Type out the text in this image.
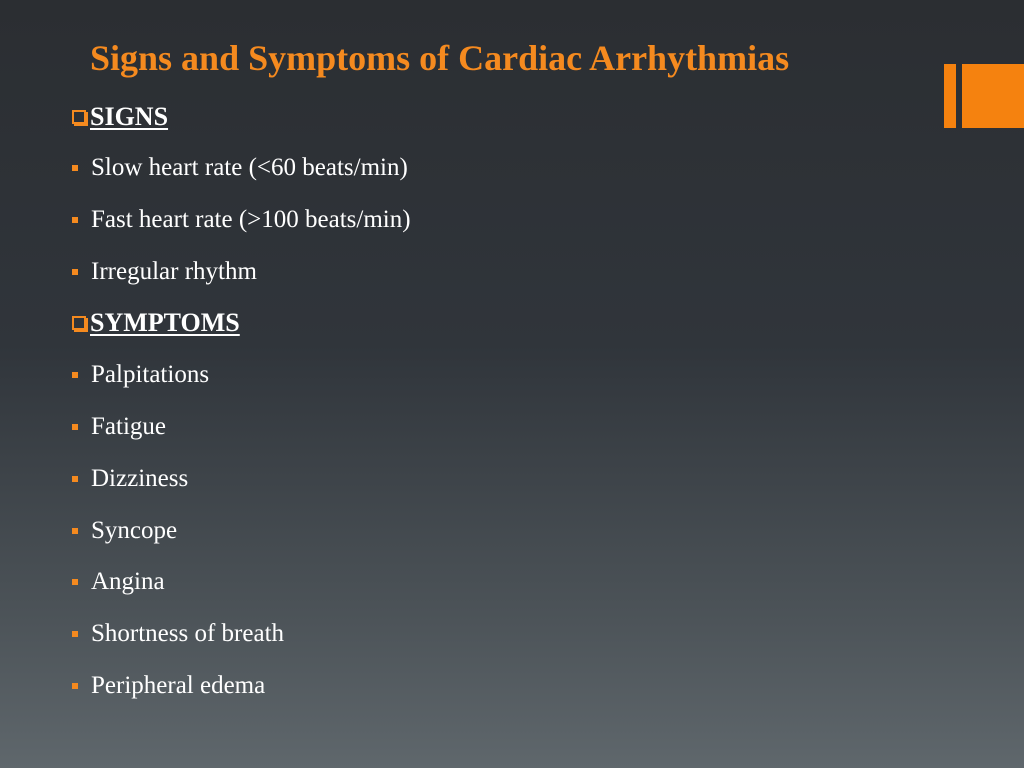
Signs and Symptoms of Cardiac Arrhythmias
SIGNS
Slow heart rate (<60 beats/min)
Fast heart rate (>100 beats/min)
Irregular rhythm
SYMPTOMS
Palpitations
Fatigue
Dizziness
Syncope
Angina
Shortness of breath
Peripheral edema
